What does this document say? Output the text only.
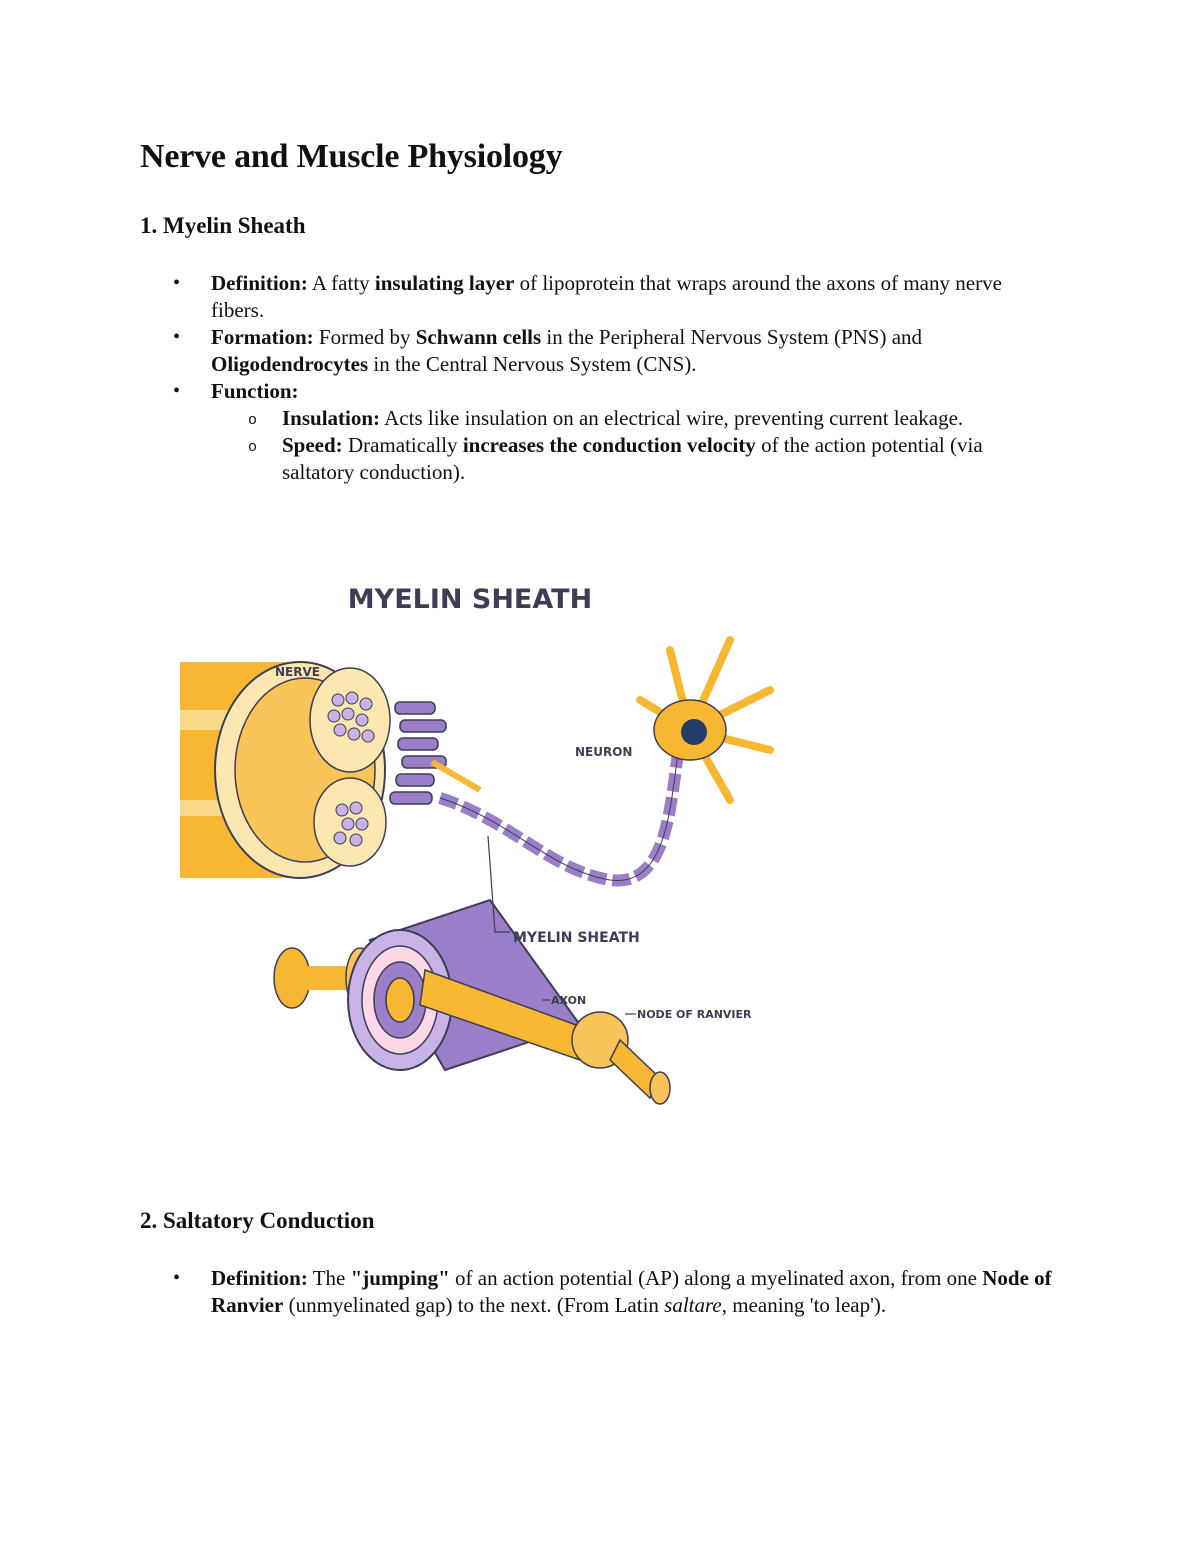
Nerve and Muscle Physiology
1. Myelin Sheath
• Definition: A fatty insulating layer of lipoprotein that wraps around the axons of many nerve fibers.
• Formation: Formed by Schwann cells in the Peripheral Nervous System (PNS) and Oligodendrocytes in the Central Nervous System (CNS).
• Function:
o Insulation: Acts like insulation on an electrical wire, preventing current leakage.
o Speed: Dramatically increases the conduction velocity of the action potential (via saltatory conduction).
MYELIN SHEATH
NERVE
NEURON
MYELIN SHEATH
AXON
NODE OF RANVIER
2. Saltatory Conduction
• Definition: The "jumping" of an action potential (AP) along a myelinated axon, from one Node of Ranvier (unmyelinated gap) to the next. (From Latin saltare, meaning 'to leap').
